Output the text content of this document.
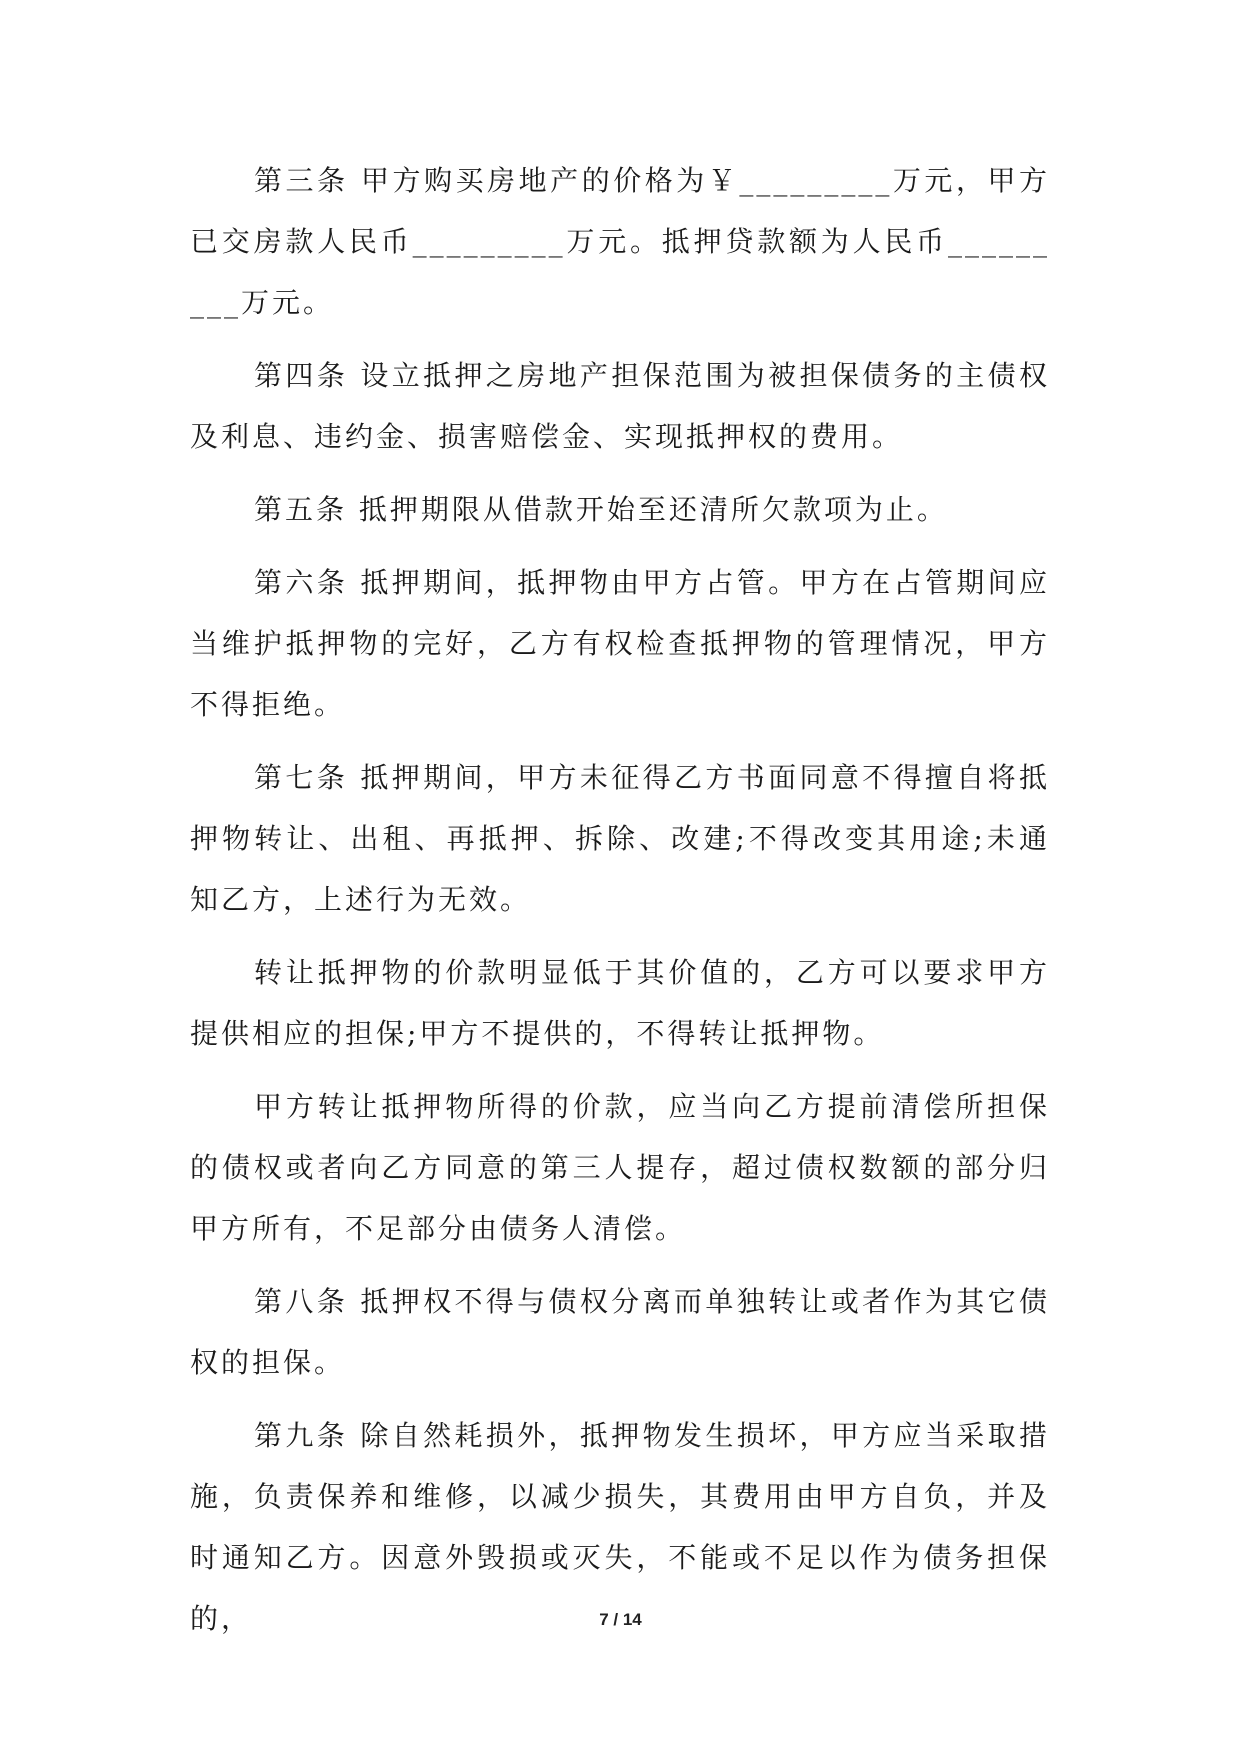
第三条 甲方购买房地产的价格为￥_________万元，甲方已交房款人民币_________万元。抵押贷款额为人民币_________万元。

第四条 设立抵押之房地产担保范围为被担保债务的主债权及利息、违约金、损害赔偿金、实现抵押权的费用。

第五条 抵押期限从借款开始至还清所欠款项为止。

第六条 抵押期间，抵押物由甲方占管。甲方在占管期间应当维护抵押物的完好，乙方有权检查抵押物的管理情况，甲方不得拒绝。

第七条 抵押期间，甲方未征得乙方书面同意不得擅自将抵押物转让、出租、再抵押、拆除、改建;不得改变其用途;未通知乙方，上述行为无效。

转让抵押物的价款明显低于其价值的，乙方可以要求甲方提供相应的担保;甲方不提供的，不得转让抵押物。

甲方转让抵押物所得的价款，应当向乙方提前清偿所担保的债权或者向乙方同意的第三人提存，超过债权数额的部分归甲方所有，不足部分由债务人清偿。

第八条 抵押权不得与债权分离而单独转让或者作为其它债权的担保。

第九条 除自然耗损外，抵押物发生损坏，甲方应当采取措施，负责保养和维修，以减少损失，其费用由甲方自负，并及时通知乙方。因意外毁损或灭失，不能或不足以作为债务担保的，	7 / 14
